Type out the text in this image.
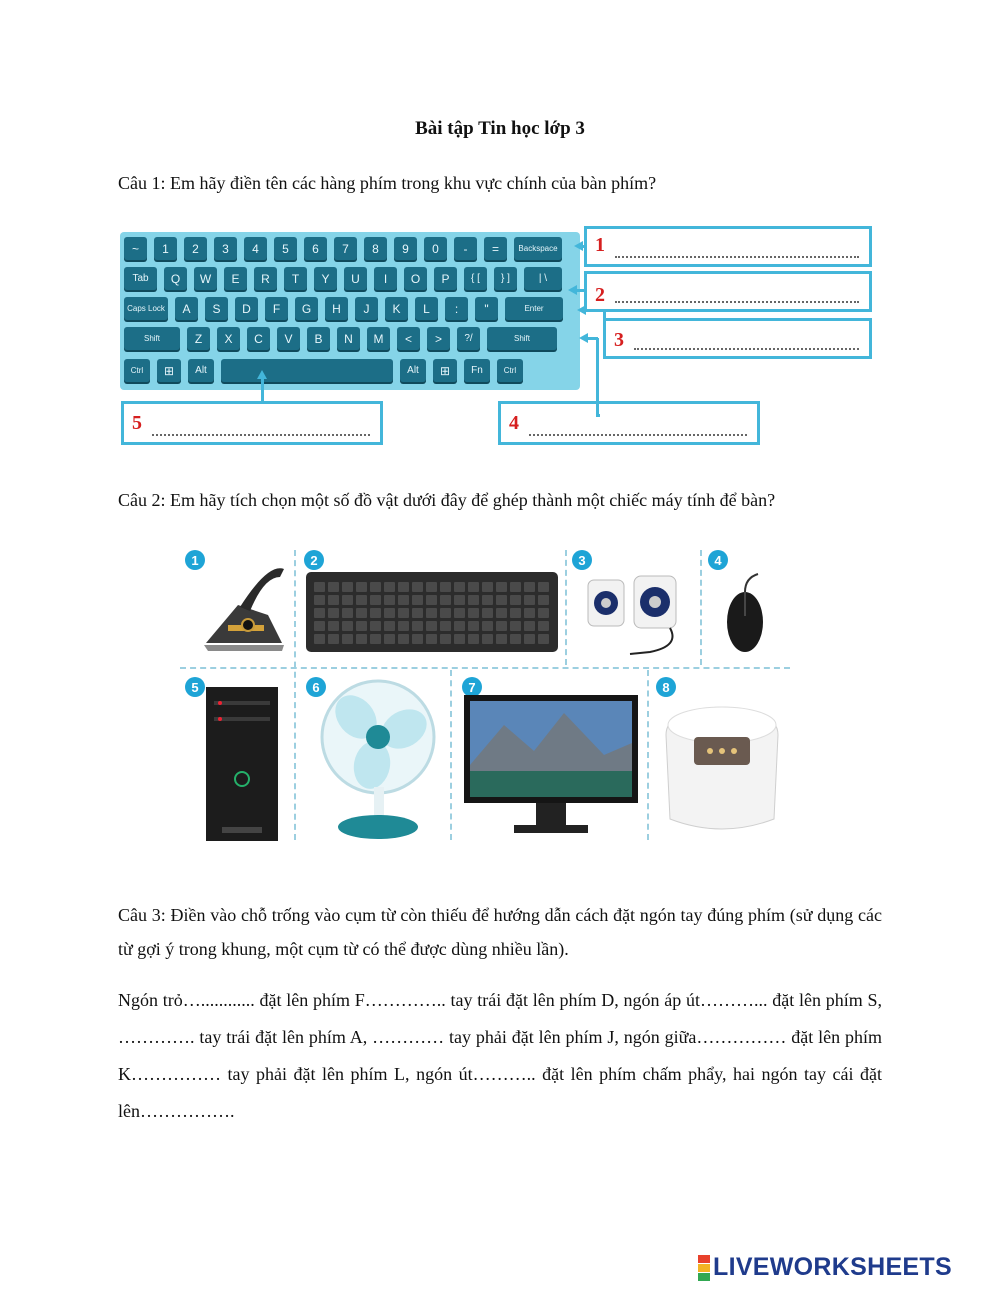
Bài tập Tin học lớp 3
Câu 1: Em hãy điền tên các hàng phím trong khu vực chính của bàn phím?
~	1	2	3	4	5	6	7	8	9	0	-	=	Backspace
Tab	Q	W	E	R	T	Y	U	I	O	P	{ [	} ]	| \
Caps Lock	A	S	D	F	G	H	J	K	L	:	"	Enter
Shift	Z	X	C	V	B	N	M	<	>	?/	Shift
Ctrl	⊞	Alt	Alt	⊞	Fn	Ctrl
1
2
3
4
5
Câu 2: Em hãy tích chọn một số đồ vật dưới đây để ghép thành một chiếc máy tính để bàn?
1	2	3	4
5	6	7	8
Câu 3: Điền vào chỗ trống vào cụm từ còn thiếu để hướng dẫn cách đặt ngón tay đúng phím (sử dụng các từ gợi ý trong khung, một cụm từ có thể được dùng nhiều lần).
Ngón trỏ…............ đặt lên phím F………….. tay trái đặt lên phím D, ngón áp út………... đặt lên phím S, …………. tay trái đặt lên phím A, ………… tay phải đặt lên phím J, ngón giữa…………… đặt lên phím K…………… tay phải đặt lên phím L, ngón út……….. đặt lên phím chấm phẩy, hai ngón tay cái đặt lên…………….
LIVEWORKSHEETS
